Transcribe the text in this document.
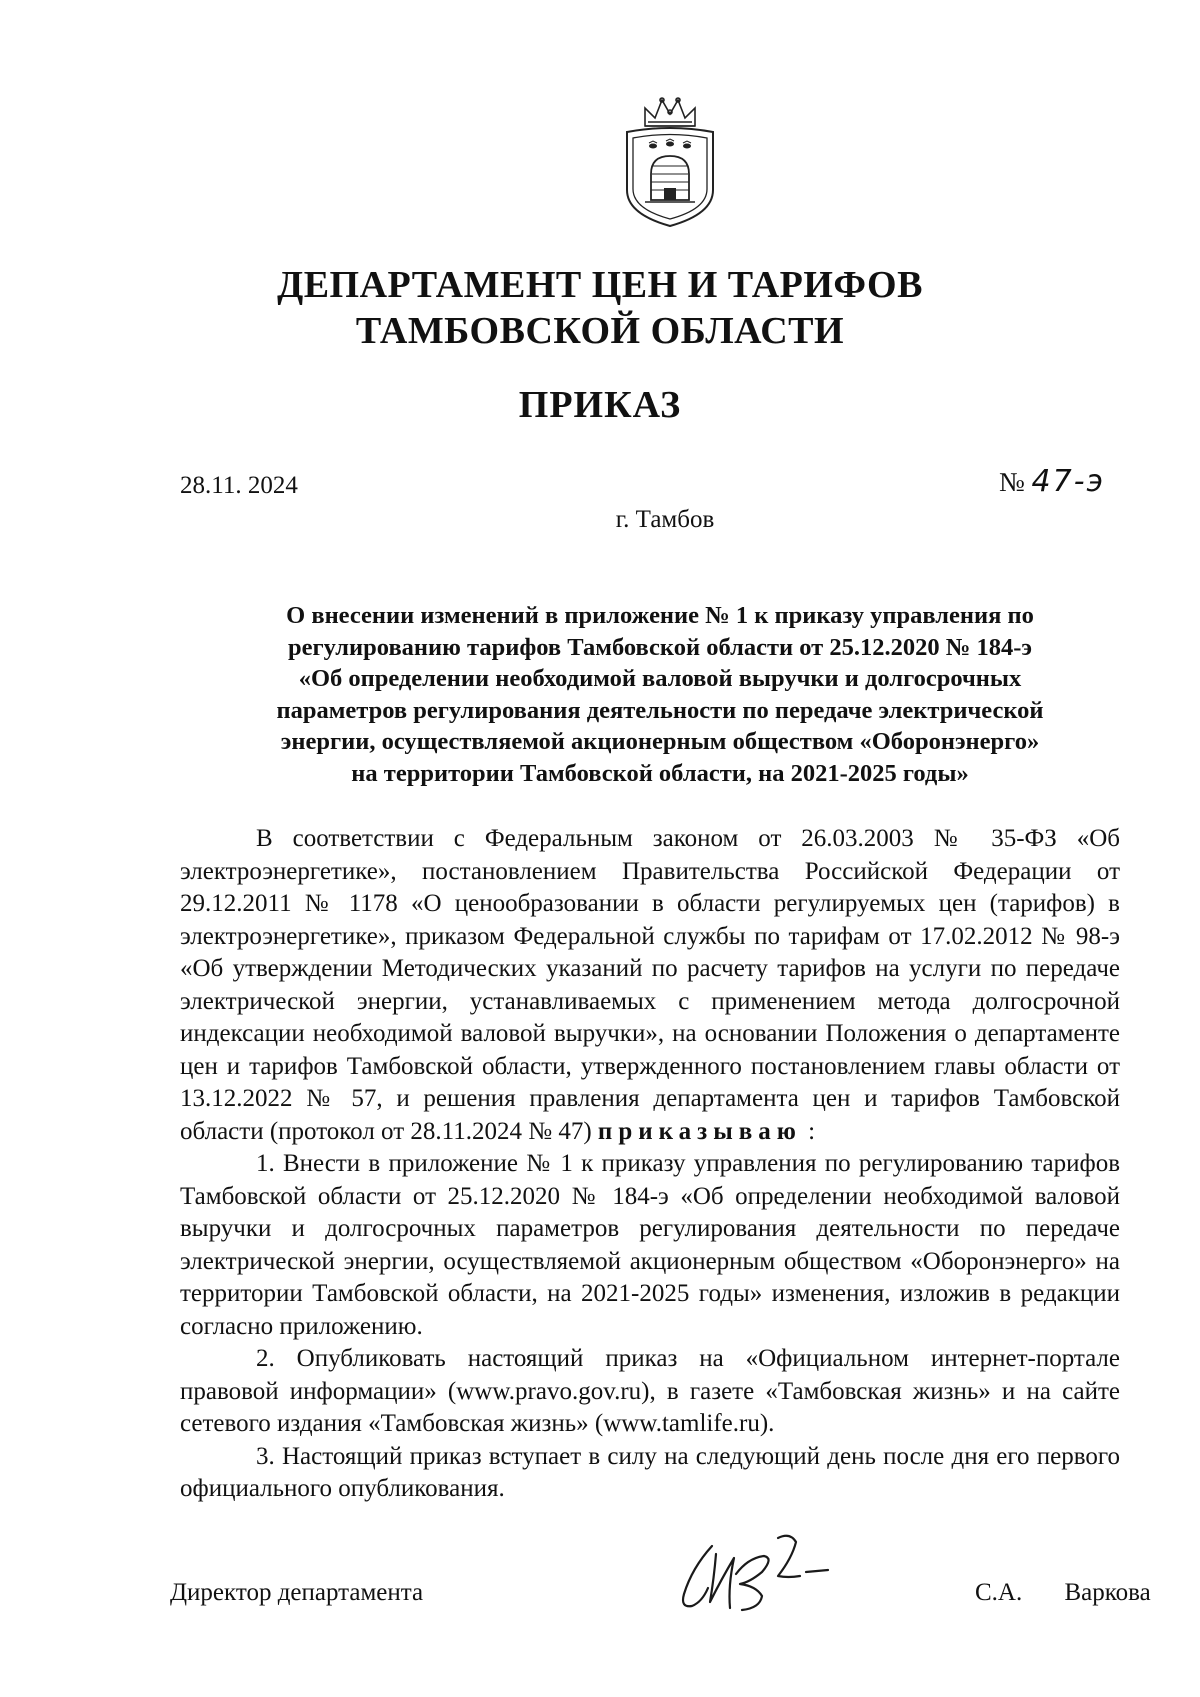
ДЕПАРТАМЕНТ ЦЕН И ТАРИФОВ
ТАМБОВСКОЙ ОБЛАСТИ
ПРИКАЗ
28.11. 2024	№ 47-э
г. Тамбов
О внесении изменений в приложение № 1 к приказу управления по
регулированию тарифов Тамбовской области от 25.12.2020 № 184-э
«Об определении необходимой валовой выручки и долгосрочных
параметров регулирования деятельности по передаче электрической
энергии, осуществляемой акционерным обществом «Оборонэнерго»
на территории Тамбовской области, на 2021-2025 годы»

В соответствии с Федеральным законом от 26.03.2003 № 35-ФЗ «Об электроэнергетике», постановлением Правительства Российской Федерации от 29.12.2011 № 1178 «О ценообразовании в области регулируемых цен (тарифов) в электроэнергетике», приказом Федеральной службы по тарифам от 17.02.2012 № 98-э «Об утверждении Методических указаний по расчету тарифов на услуги по передаче электрической энергии, устанавливаемых с применением метода долгосрочной индексации необходимой валовой выручки», на основании Положения о департаменте цен и тарифов Тамбовской области, утвержденного постановлением главы области от 13.12.2022 № 57, и решения правления департамента цен и тарифов Тамбовской области (протокол от 28.11.2024 № 47) приказываю :

1. Внести в приложение № 1 к приказу управления по регулированию тарифов Тамбовской области от 25.12.2020 № 184-э «Об определении необходимой валовой выручки и долгосрочных параметров регулирования деятельности по передаче электрической энергии, осуществляемой акционерным обществом «Оборонэнерго» на территории Тамбовской области, на 2021-2025 годы» изменения, изложив в редакции согласно приложению.

2. Опубликовать настоящий приказ на «Официальном интернет-портале правовой информации» (www.pravo.gov.ru), в газете «Тамбовская жизнь» и на сайте сетевого издания «Тамбовская жизнь» (www.tamlife.ru).

3. Настоящий приказ вступает в силу на следующий день после дня его первого официального опубликования.

Директор департамента	С.А. Варкова
